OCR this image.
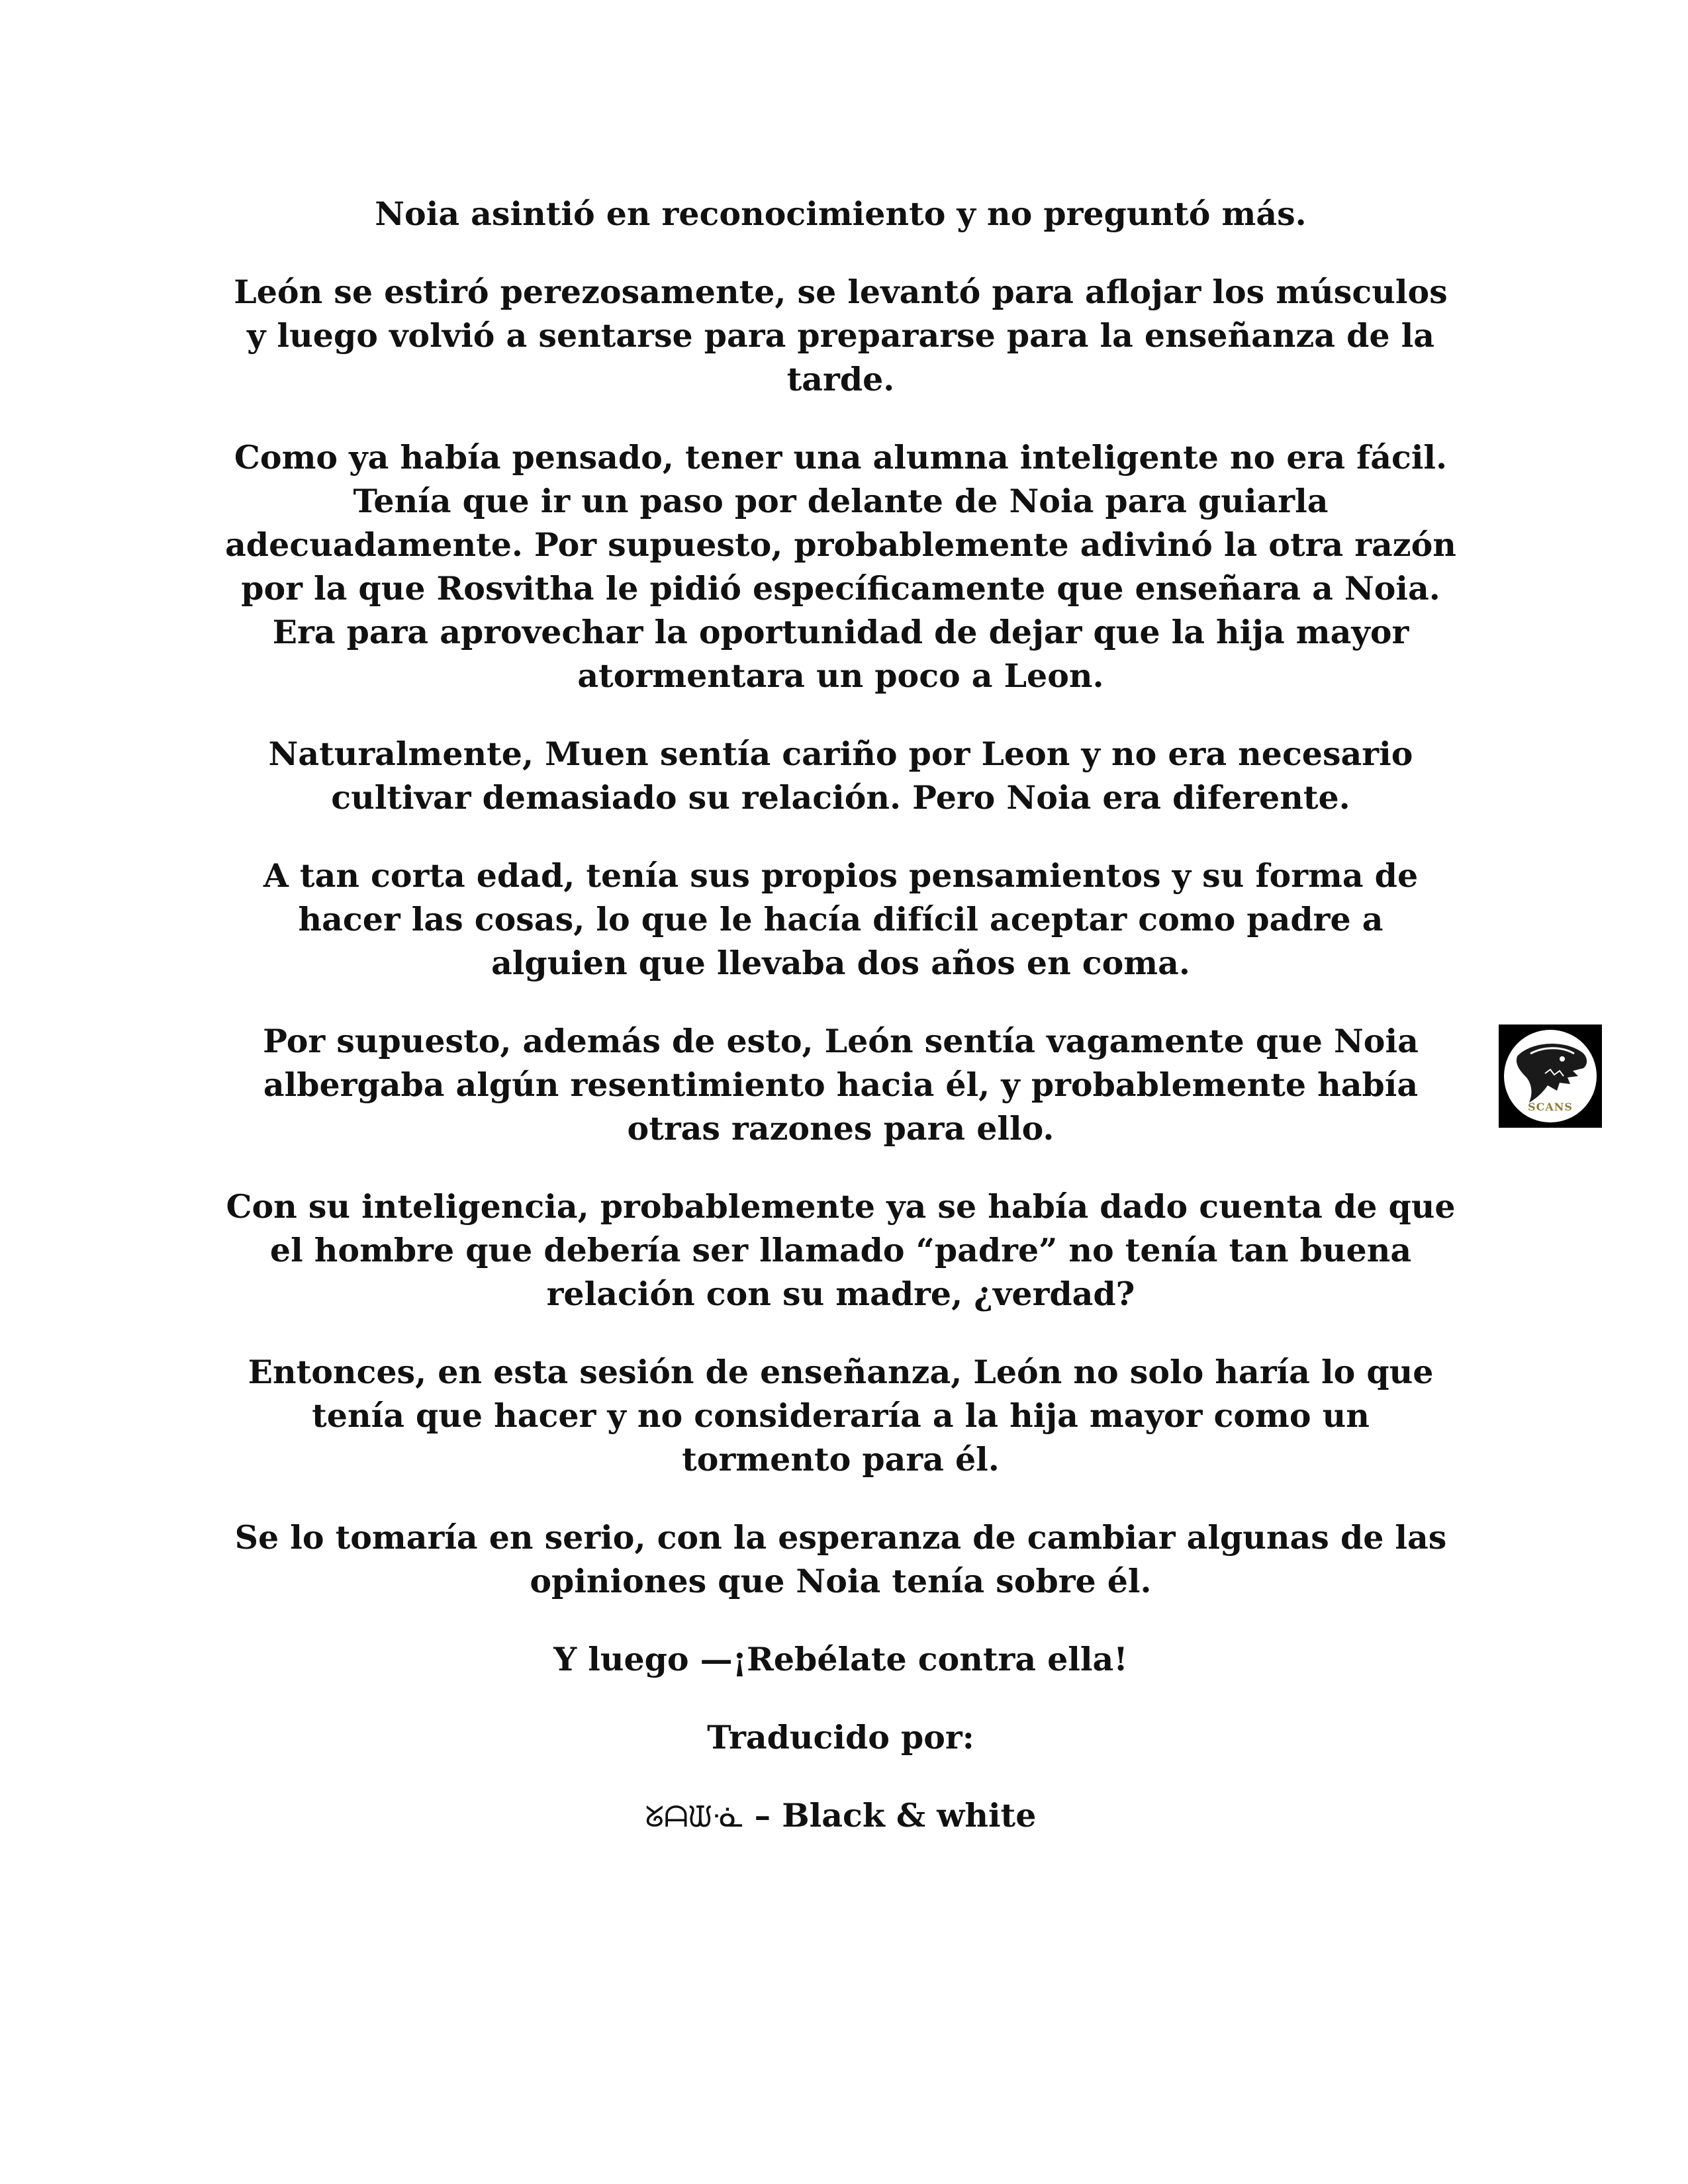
Noia asintió en reconocimiento y no preguntó más.

León se estiró perezosamente, se levantó para aflojar los músculos y luego volvió a sentarse para prepararse para la enseñanza de la tarde.

Como ya había pensado, tener una alumna inteligente no era fácil. Tenía que ir un paso por delante de Noia para guiarla adecuadamente. Por supuesto, probablemente adivinó la otra razón por la que Rosvitha le pidió específicamente que enseñara a Noia. Era para aprovechar la oportunidad de dejar que la hija mayor atormentara un poco a Leon.

Naturalmente, Muen sentía cariño por Leon y no era necesario cultivar demasiado su relación. Pero Noia era diferente.

A tan corta edad, tenía sus propios pensamientos y su forma de hacer las cosas, lo que le hacía difícil aceptar como padre a alguien que llevaba dos años en coma.

Por supuesto, además de esto, León sentía vagamente que Noia albergaba algún resentimiento hacia él, y probablemente había otras razones para ello.

Con su inteligencia, probablemente ya se había dado cuenta de que el hombre que debería ser llamado “padre” no tenía tan buena relación con su madre, ¿verdad?

Entonces, en esta sesión de enseñanza, León no solo haría lo que tenía que hacer y no consideraría a la hija mayor como un tormento para él.

Se lo tomaría en serio, con la esperanza de cambiar algunas de las opiniones que Noia tenía sobre él.

Y luego —¡Rebélate contra ella!

Traducido por:

ᘜᗩᙡᓍ – Black & white

SCANS
